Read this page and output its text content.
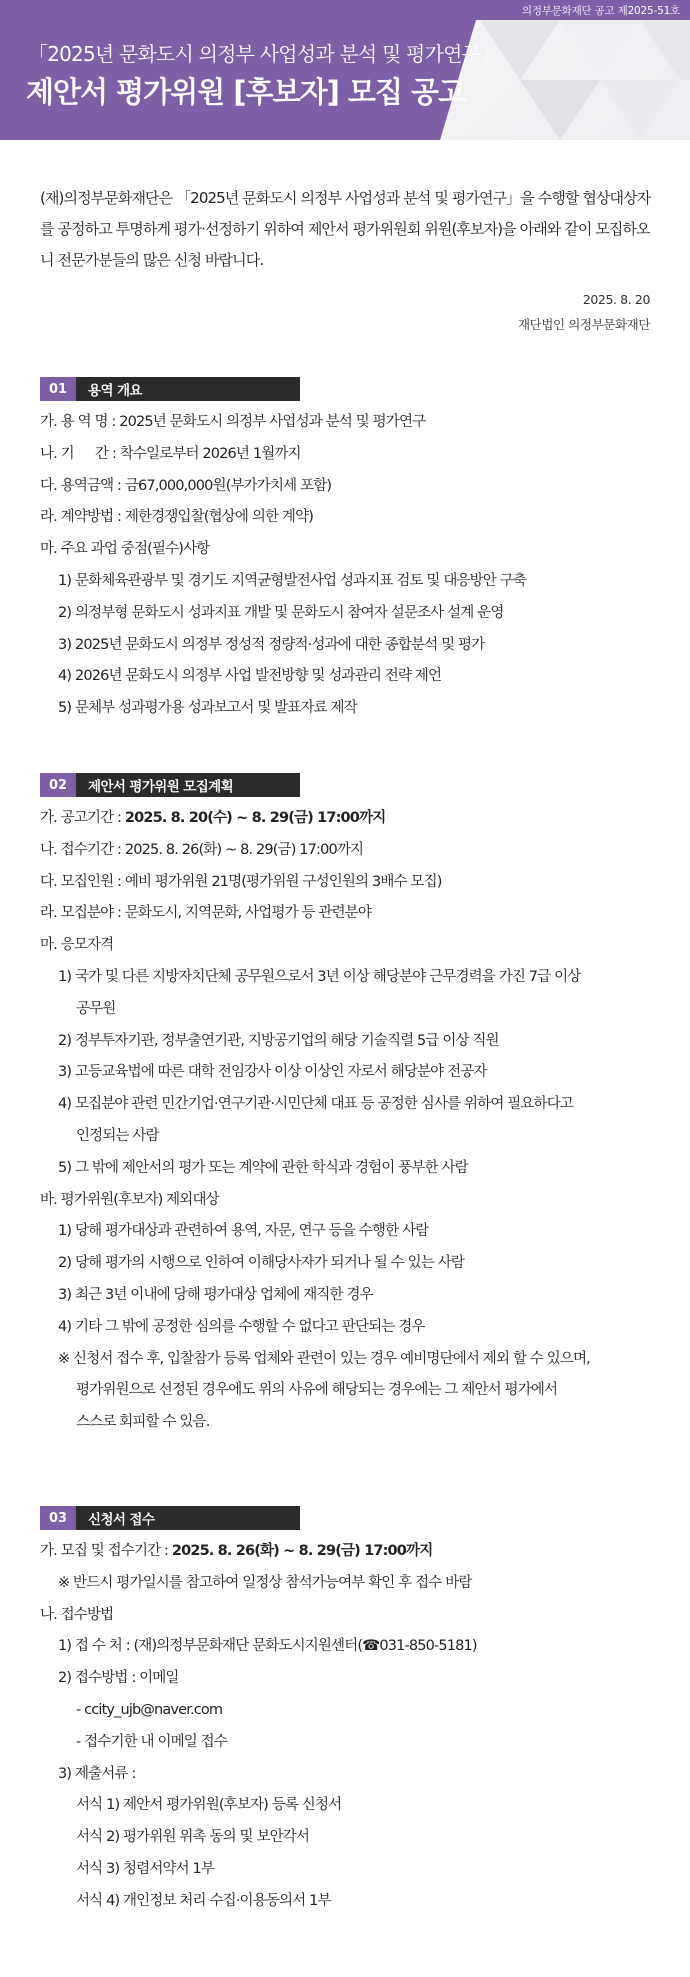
의정부문화재단 공고 제2025-51호
「2025년 문화도시 의정부 사업성과 분석 및 평가연구」
제안서 평가위원 [후보자] 모집 공고
(재)의정부문화재단은 「2025년 문화도시 의정부 사업성과 분석 및 평가연구」을 수행할 협상대상자를 공정하고 투명하게 평가·선정하기 위하여 제안서 평가위원회 위원(후보자)을 아래와 같이 모집하오니 전문가분들의 많은 신청 바랍니다.
2025. 8. 20
재단법인 의정부문화재단
01	용역 개요
가. 용 역 명 : 2025년 문화도시 의정부 사업성과 분석 및 평가연구
나. 기 　 간 : 착수일로부터 2026년 1월까지
다. 용역금액 : 금67,000,000원(부가가치세 포함)
라. 계약방법 : 제한경쟁입찰(협상에 의한 계약)
마. 주요 과업 중점(필수)사항
1) 문화체육관광부 및 경기도 지역균형발전사업 성과지표 검토 및 대응방안 구축
2) 의정부형 문화도시 성과지표 개발 및 문화도시 참여자 설문조사 설계 운영
3) 2025년 문화도시 의정부 정성적 정량적·성과에 대한 종합분석 및 평가
4) 2026년 문화도시 의정부 사업 발전방향 및 성과관리 전략 제언
5) 문체부 성과평가용 성과보고서 및 발표자료 제작
02	제안서 평가위원 모집계획
가. 공고기간 : 2025. 8. 20(수) ~ 8. 29(금) 17:00까지
나. 접수기간 : 2025. 8. 26(화) ~ 8. 29(금) 17:00까지
다. 모집인원 : 예비 평가위원 21명(평가위원 구성인원의 3배수 모집)
라. 모집분야 : 문화도시, 지역문화, 사업평가 등 관련분야
마. 응모자격
1) 국가 및 다른 지방자치단체 공무원으로서 3년 이상 해당분야 근무경력을 가진 7급 이상
공무원
2) 정부투자기관, 정부출연기관, 지방공기업의 해당 기술직렬 5급 이상 직원
3) 고등교육법에 따른 대학 전임강사 이상 이상인 자로서 해당분야 전공자
4) 모집분야 관련 민간기업·연구기관·시민단체 대표 등 공정한 심사를 위하여 필요하다고
인정되는 사람
5) 그 밖에 제안서의 평가 또는 계약에 관한 학식과 경험이 풍부한 사람
바. 평가위원(후보자) 제외대상
1) 당해 평가대상과 관련하여 용역, 자문, 연구 등을 수행한 사람
2) 당해 평가의 시행으로 인하여 이해당사자가 되거나 될 수 있는 사람
3) 최근 3년 이내에 당해 평가대상 업체에 재직한 경우
4) 기타 그 밖에 공정한 심의를 수행할 수 없다고 판단되는 경우
※ 신청서 접수 후, 입찰참가 등록 업체와 관련이 있는 경우 예비명단에서 제외 할 수 있으며,
평가위원으로 선정된 경우에도 위의 사유에 해당되는 경우에는 그 제안서 평가에서
스스로 회피할 수 있음.
03	신청서 접수
가. 모집 및 접수기간 : 2025. 8. 26(화) ~ 8. 29(금) 17:00까지
※ 반드시 평가일시를 참고하여 일정상 참석가능여부 확인 후 접수 바람
나. 접수방법
1) 접 수 처 : (재)의정부문화재단 문화도시지원센터(☎031-850-5181)
2) 접수방법 : 이메일
- ccity_ujb@naver.com
- 접수기한 내 이메일 접수
3) 제출서류 :
서식 1) 제안서 평가위원(후보자) 등록 신청서
서식 2) 평가위원 위촉 동의 및 보안각서
서식 3) 청렴서약서 1부
서식 4) 개인정보 처리 수집·이용동의서 1부
